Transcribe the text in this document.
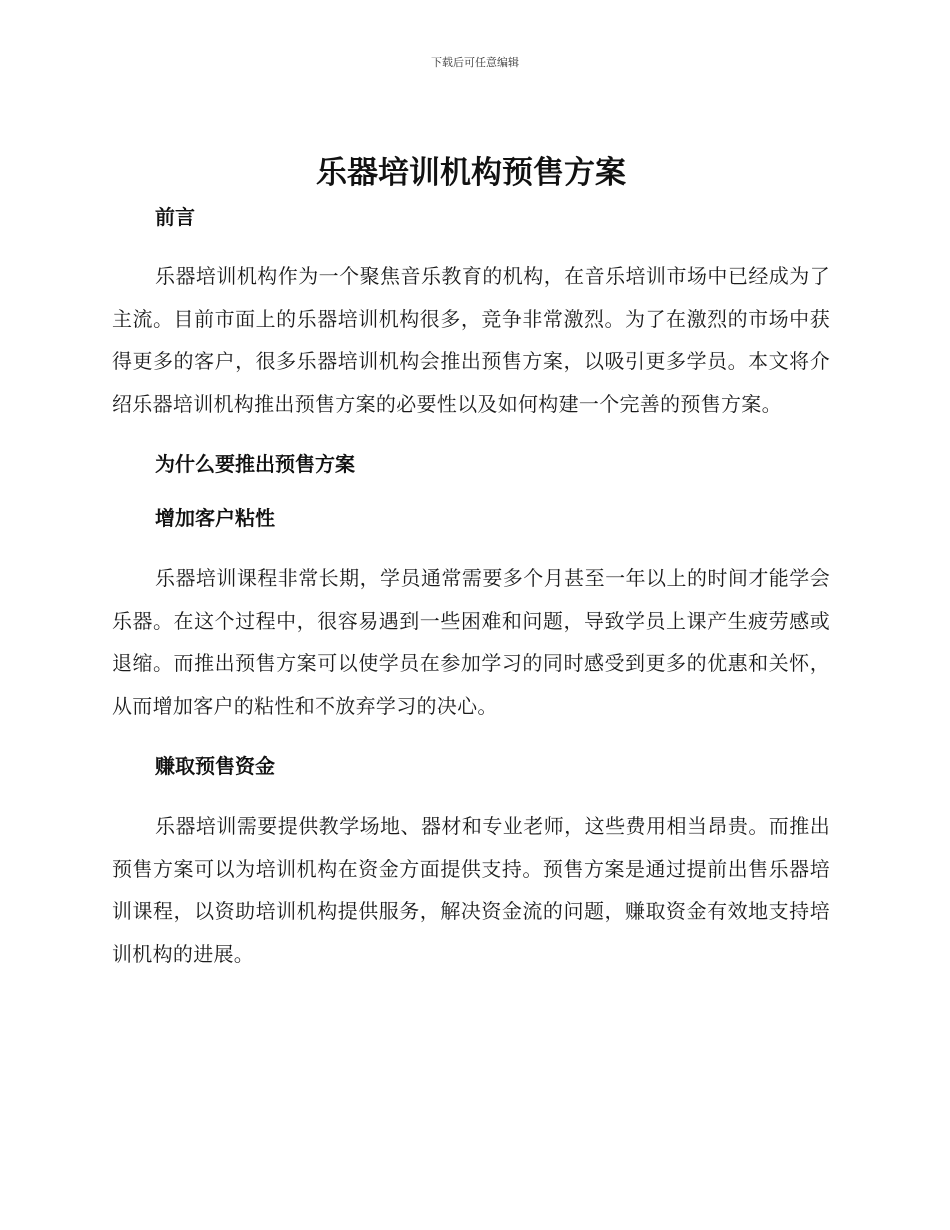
下载后可任意编辑
乐器培训机构预售方案
前言

乐器培训机构作为一个聚焦音乐教育的机构，在音乐培训市场中已经成为了主流。目前市面上的乐器培训机构很多，竞争非常激烈。为了在激烈的市场中获得更多的客户，很多乐器培训机构会推出预售方案，以吸引更多学员。本文将介绍乐器培训机构推出预售方案的必要性以及如何构建一个完善的预售方案。

为什么要推出预售方案
增加客户粘性

乐器培训课程非常长期，学员通常需要多个月甚至一年以上的时间才能学会乐器。在这个过程中，很容易遇到一些困难和问题，导致学员上课产生疲劳感或退缩。而推出预售方案可以使学员在参加学习的同时感受到更多的优惠和关怀，从而增加客户的粘性和不放弃学习的决心。

赚取预售资金

乐器培训需要提供教学场地、器材和专业老师，这些费用相当昂贵。而推出预售方案可以为培训机构在资金方面提供支持。预售方案是通过提前出售乐器培训课程，以资助培训机构提供服务，解决资金流的问题，赚取资金有效地支持培训机构的进展。
